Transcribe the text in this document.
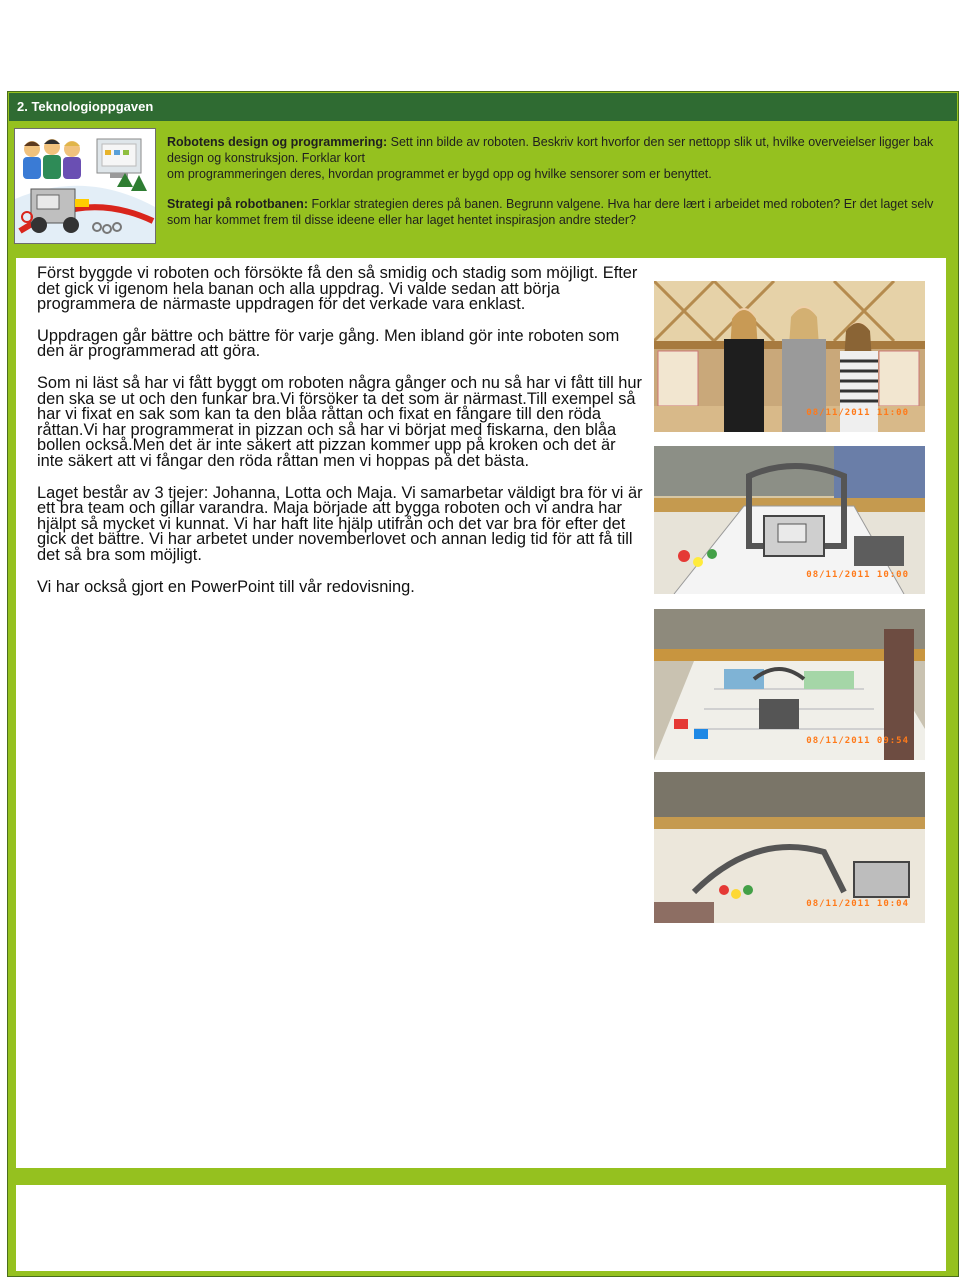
2. Teknologioppgaven

Robotens design og programmering: Sett inn bilde av roboten. Beskriv kort hvorfor den ser nettopp slik ut, hvilke overveielser ligger bak design og konstruksjon. Forklar kort
om programmeringen deres, hvordan programmet er bygd opp og hvilke sensorer som er benyttet.

Strategi på robotbanen: Forklar strategien deres på banen. Begrunn valgene. Hva har dere lært i arbeidet med roboten? Er det laget selv som har kommet frem til disse ideene eller har laget hentet inspirasjon andre steder?

Först byggde vi roboten och försökte få den så smidig och stadig som möjligt. Efter det gick vi igenom hela banan och alla uppdrag. Vi valde sedan att börja programmera de närmaste uppdragen för det verkade vara enklast.

Uppdragen går bättre och bättre för varje gång. Men ibland gör inte roboten som den är programmerad att göra.

Som ni läst så har vi fått byggt om roboten några gånger och nu så har vi fått till hur den ska se ut och den funkar bra.Vi försöker ta det som är närmast.Till exempel så har vi fixat en sak som kan ta den blåa råttan och fixat en fångare till den röda råttan.Vi har programmerat in pizzan och så har vi börjat med fiskarna, den blåa bollen också.Men det är inte säkert att pizzan kommer upp på kroken och det är inte säkert att vi fångar den röda råttan men vi hoppas på det bästa.

Laget består av 3 tjejer: Johanna, Lotta och Maja. Vi samarbetar väldigt bra för vi är ett bra team och gillar varandra. Maja började att bygga roboten och vi andra har hjälpt så mycket vi kunnat. Vi har haft lite hjälp utifrån och det var bra för efter det gick det bättre. Vi har arbetet under novemberlovet och annan ledig tid för att få till det så bra som möjligt.

Vi har också gjort en PowerPoint till vår redovisning.

08/11/2011 11:00
08/11/2011 10:00
08/11/2011 09:54
08/11/2011 10:04
